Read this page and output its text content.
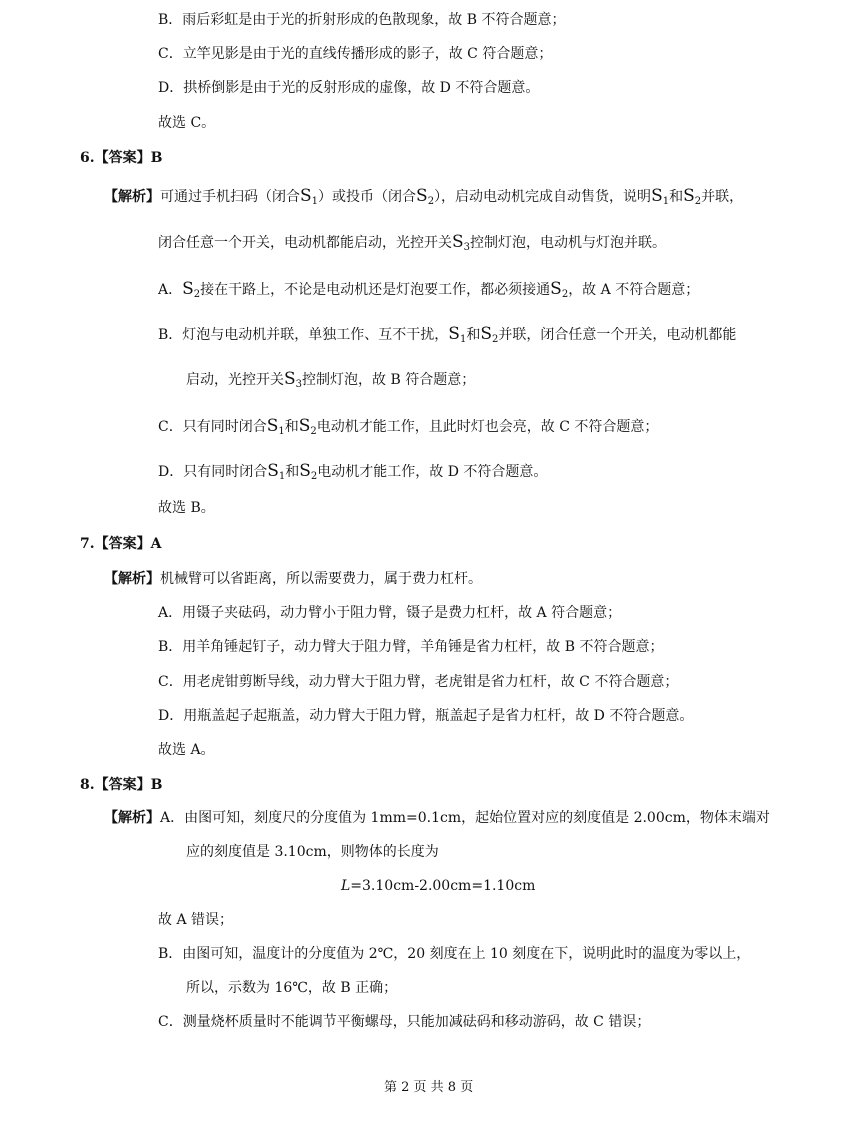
B．雨后彩虹是由于光的折射形成的色散现象，故 B 不符合题意；
C．立竿见影是由于光的直线传播形成的影子，故 C 符合题意；
D．拱桥倒影是由于光的反射形成的虚像，故 D 不符合题意。
故选 C。
6.【答案】B
【解析】可通过手机扫码（闭合$S_1$）或投币（闭合$S_2$），启动电动机完成自动售货，说明$S_1$和$S_2$并联，
闭合任意一个开关，电动机都能启动，光控开关$S_3$控制灯泡，电动机与灯泡并联。
A．$S_2$接在干路上，不论是电动机还是灯泡要工作，都必须接通$S_2$，故 A 不符合题意；
B．灯泡与电动机并联，单独工作、互不干扰，$S_1$和$S_2$并联，闭合任意一个开关，电动机都能
启动，光控开关$S_3$控制灯泡，故 B 符合题意；
C．只有同时闭合$S_1$和$S_2$电动机才能工作，且此时灯也会亮，故 C 不符合题意；
D．只有同时闭合$S_1$和$S_2$电动机才能工作，故 D 不符合题意。
故选 B。
7.【答案】A
【解析】机械臂可以省距离，所以需要费力，属于费力杠杆。
A．用镊子夹砝码，动力臂小于阻力臂，镊子是费力杠杆，故 A 符合题意；
B．用羊角锤起钉子，动力臂大于阻力臂，羊角锤是省力杠杆，故 B 不符合题意；
C．用老虎钳剪断导线，动力臂大于阻力臂，老虎钳是省力杠杆，故 C 不符合题意；
D．用瓶盖起子起瓶盖，动力臂大于阻力臂，瓶盖起子是省力杠杆，故 D 不符合题意。
故选 A。
8.【答案】B
【解析】A．由图可知，刻度尺的分度值为 1mm=0.1cm，起始位置对应的刻度值是 2.00cm，物体末端对
应的刻度值是 3.10cm，则物体的长度为
L=3.10cm-2.00cm=1.10cm
故 A 错误；
B．由图可知，温度计的分度值为 2℃，20 刻度在上 10 刻度在下，说明此时的温度为零以上，
所以，示数为 16℃，故 B 正确；
C．测量烧杯质量时不能调节平衡螺母，只能加减砝码和移动游码，故 C 错误；
第 2 页 共 8 页
